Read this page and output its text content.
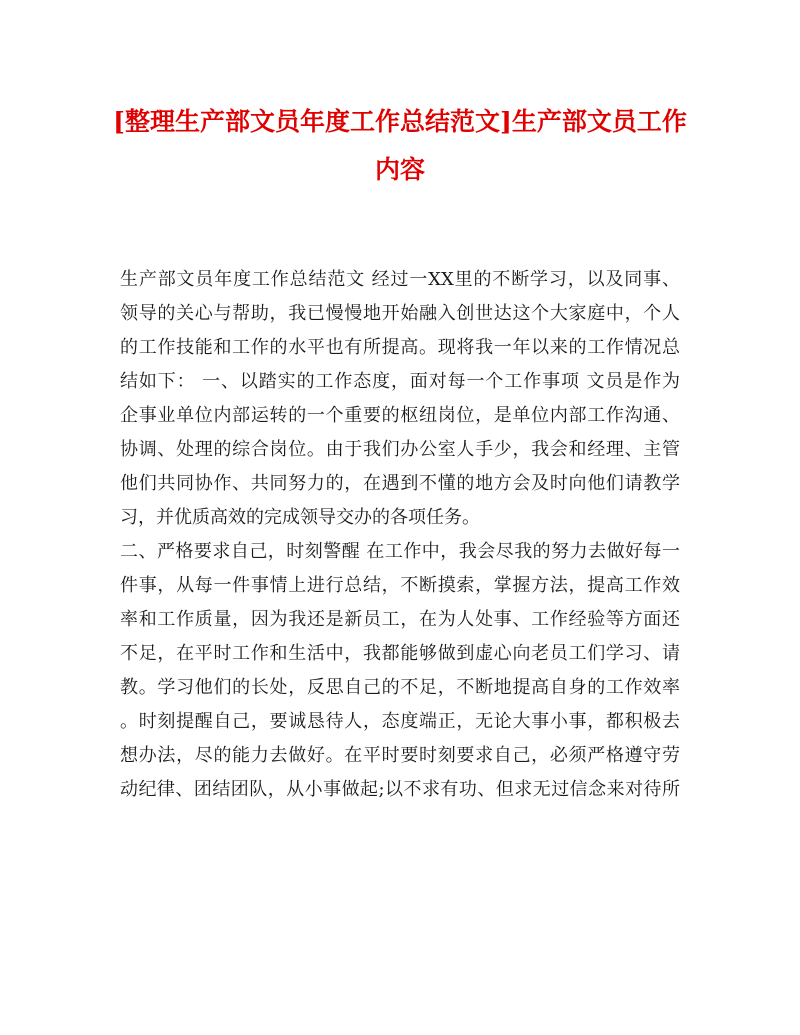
[整理生产部文员年度工作总结范文]生产部文员工作
内容
生产部文员年度工作总结范文 经过一XX里的不断学习，以及同事、
领导的关心与帮助，我已慢慢地开始融入创世达这个大家庭中，个人
的工作技能和工作的水平也有所提高。现将我一年以来的工作情况总
结如下： 一、以踏实的工作态度，面对每一个工作事项 文员是作为
企事业单位内部运转的一个重要的枢纽岗位，是单位内部工作沟通、
协调、处理的综合岗位。由于我们办公室人手少，我会和经理、主管
他们共同协作、共同努力的，在遇到不懂的地方会及时向他们请教学
习，并优质高效的完成领导交办的各项任务。
二、严格要求自己，时刻警醒 在工作中，我会尽我的努力去做好每一
件事，从每一件事情上进行总结，不断摸索，掌握方法，提高工作效
率和工作质量，因为我还是新员工，在为人处事、工作经验等方面还
不足，在平时工作和生活中，我都能够做到虚心向老员工们学习、请
教。学习他们的长处，反思自己的不足，不断地提高自身的工作效率
。时刻提醒自己，要诚恳待人，态度端正，无论大事小事，都积极去
想办法，尽的能力去做好。在平时要时刻要求自己，必须严格遵守劳
动纪律、团结团队，从小事做起;以不求有功、但求无过信念来对待所
